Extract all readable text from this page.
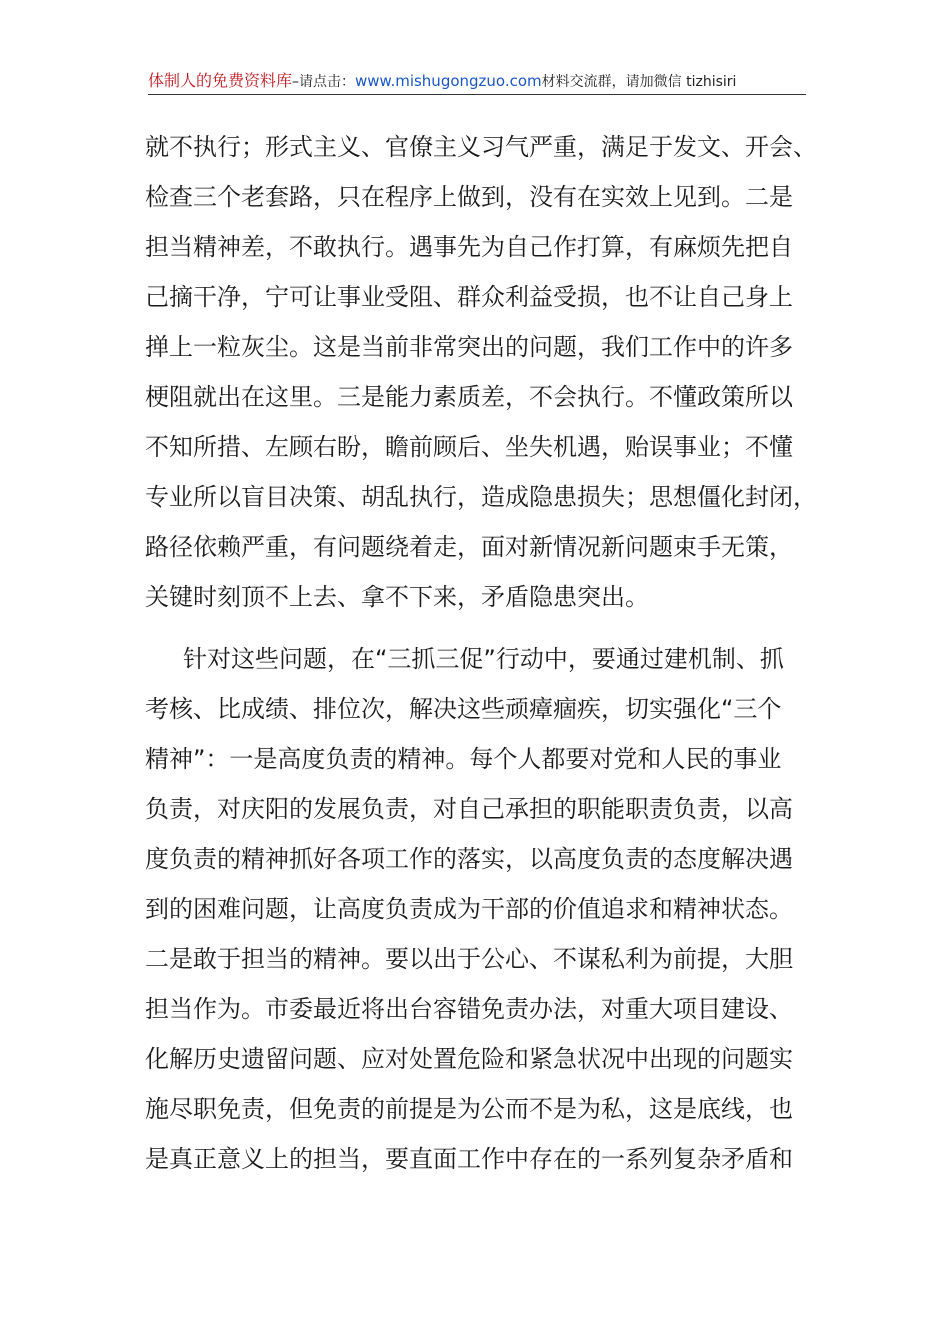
体制人的免费资料库–请点击：www.mishugongzuo.com材料交流群，请加微信 tizhisiri
就不执行；形式主义、官僚主义习气严重，满足于发文、开会、
检查三个老套路，只在程序上做到，没有在实效上见到。二是
担当精神差，不敢执行。遇事先为自己作打算，有麻烦先把自
己摘干净，宁可让事业受阻、群众利益受损，也不让自己身上
掸上一粒灰尘。这是当前非常突出的问题，我们工作中的许多
梗阻就出在这里。三是能力素质差，不会执行。不懂政策所以
不知所措、左顾右盼，瞻前顾后、坐失机遇，贻误事业；不懂
专业所以盲目决策、胡乱执行，造成隐患损失；思想僵化封闭，
路径依赖严重，有问题绕着走，面对新情况新问题束手无策，
关键时刻顶不上去、拿不下来，矛盾隐患突出。
针对这些问题，在“三抓三促”行动中，要通过建机制、抓
考核、比成绩、排位次，解决这些顽瘴痼疾，切实强化“三个
精神”：一是高度负责的精神。每个人都要对党和人民的事业
负责，对庆阳的发展负责，对自己承担的职能职责负责，以高
度负责的精神抓好各项工作的落实，以高度负责的态度解决遇
到的困难问题，让高度负责成为干部的价值追求和精神状态。
二是敢于担当的精神。要以出于公心、不谋私利为前提，大胆
担当作为。市委最近将出台容错免责办法，对重大项目建设、
化解历史遗留问题、应对处置危险和紧急状况中出现的问题实
施尽职免责，但免责的前提是为公而不是为私，这是底线，也
是真正意义上的担当，要直面工作中存在的一系列复杂矛盾和
